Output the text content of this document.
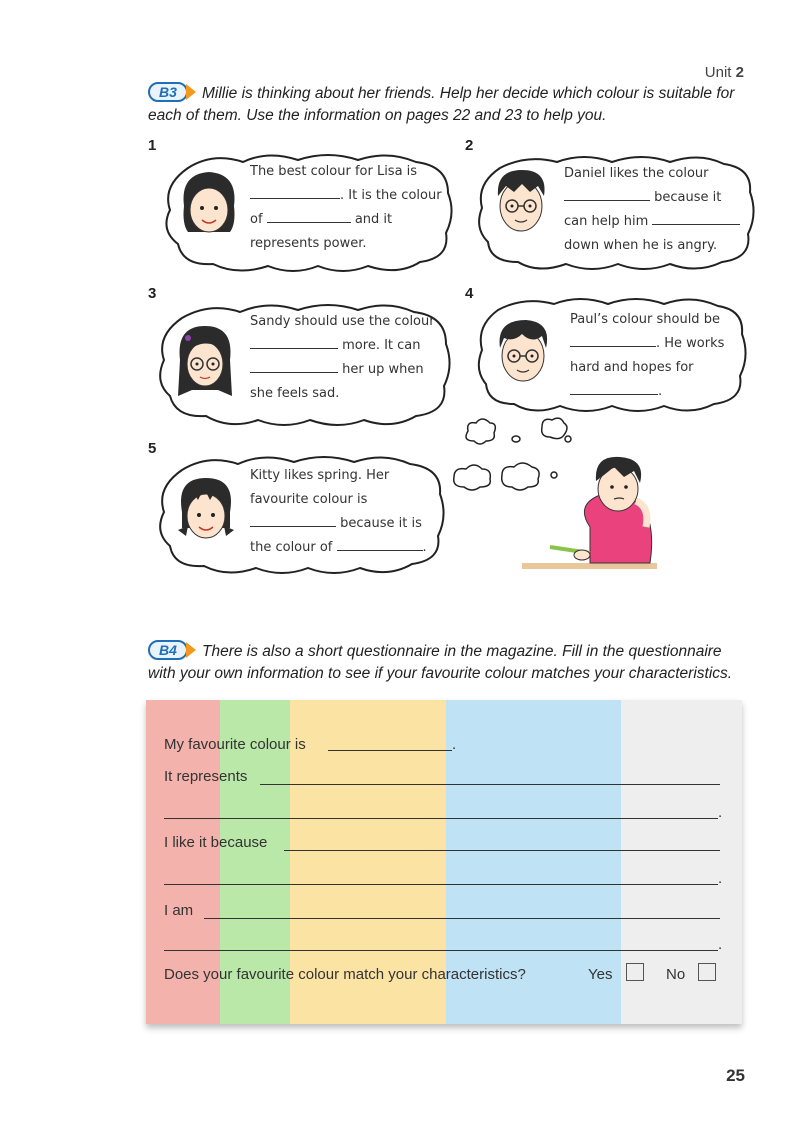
Unit 2
B3	Millie is thinking about her friends. Help her decide which colour is suitable for each of them. Use the information on pages 22 and 23 to help you.
1	2
3	4
5
The best colour for Lisa is
. It is the colour
of	and it
represents power.
Daniel likes the colour
because it
can help him
down when he is angry.
Sandy should use the colour
more. It can
her up when
she feels sad.
Paul’s colour should be
. He works
hard and hopes for
.
Kitty likes spring. Her
favourite colour is
because it is
the colour of	.
B4	There is also a short questionnaire in the magazine. Fill in the questionnaire with your own information to see if your favourite colour matches your characteristics.
My favourite colour is	.
It represents
.
I like it because
.
I am
.
Does your favourite colour match your characteristics?	Yes	No
25
